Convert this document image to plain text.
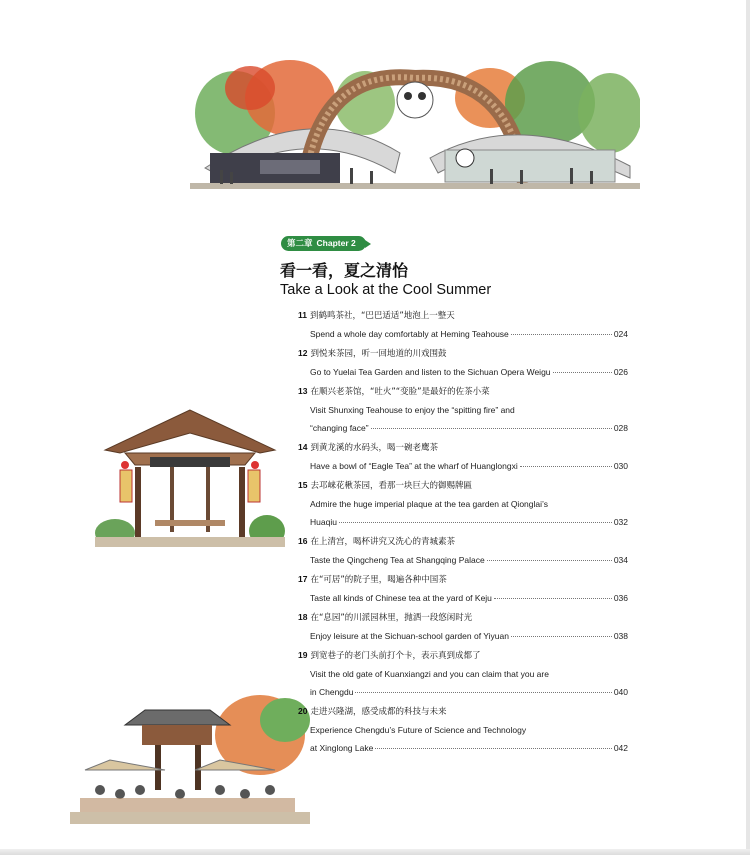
第二章 Chapter 2
看一看，夏之清怡
Take a Look at the Cool Summer
11 到鹤鸣茶社，“巴巴适适”地泡上一整天
Spend a whole day comfortably at Heming Teahouse	024
12 到悦来茶园，听一回地道的川戏围鼓
Go to Yuelai Tea Garden and listen to the Sichuan Opera Weigu	026
13 在顺兴老茶馆，“吐火”“变脸”是最好的佐茶小菜
Visit Shunxing Teahouse to enjoy the “spitting fire” and
“changing face”	028
14 到黄龙溪的水码头，喝一碗老鹰茶
Have a bowl of “Eagle Tea” at the wharf of Huanglongxi	030
15 去邛崃花楸茶园，看那一块巨大的御赐牌匾
Admire the huge imperial plaque at the tea garden at Qionglai’s
Huaqiu	032
16 在上清宫，喝杯讲究又洗心的青城素茶
Taste the Qingcheng Tea at Shangqing Palace	034
17 在“可居”的院子里，喝遍各种中国茶
Taste all kinds of Chinese tea at the yard of Keju	036
18 在“息园”的川派园林里，抛洒一段悠闲时光
Enjoy leisure at the Sichuan-school garden of Yiyuan	038
19 到宽巷子的老门头前打个卡，表示真到成都了
Visit the old gate of Kuanxiangzi and you can claim that you are
in Chengdu	040
20 走进兴隆湖，感受成都的科技与未来
Experience Chengdu’s Future of Science and Technology
at Xinglong Lake	042
